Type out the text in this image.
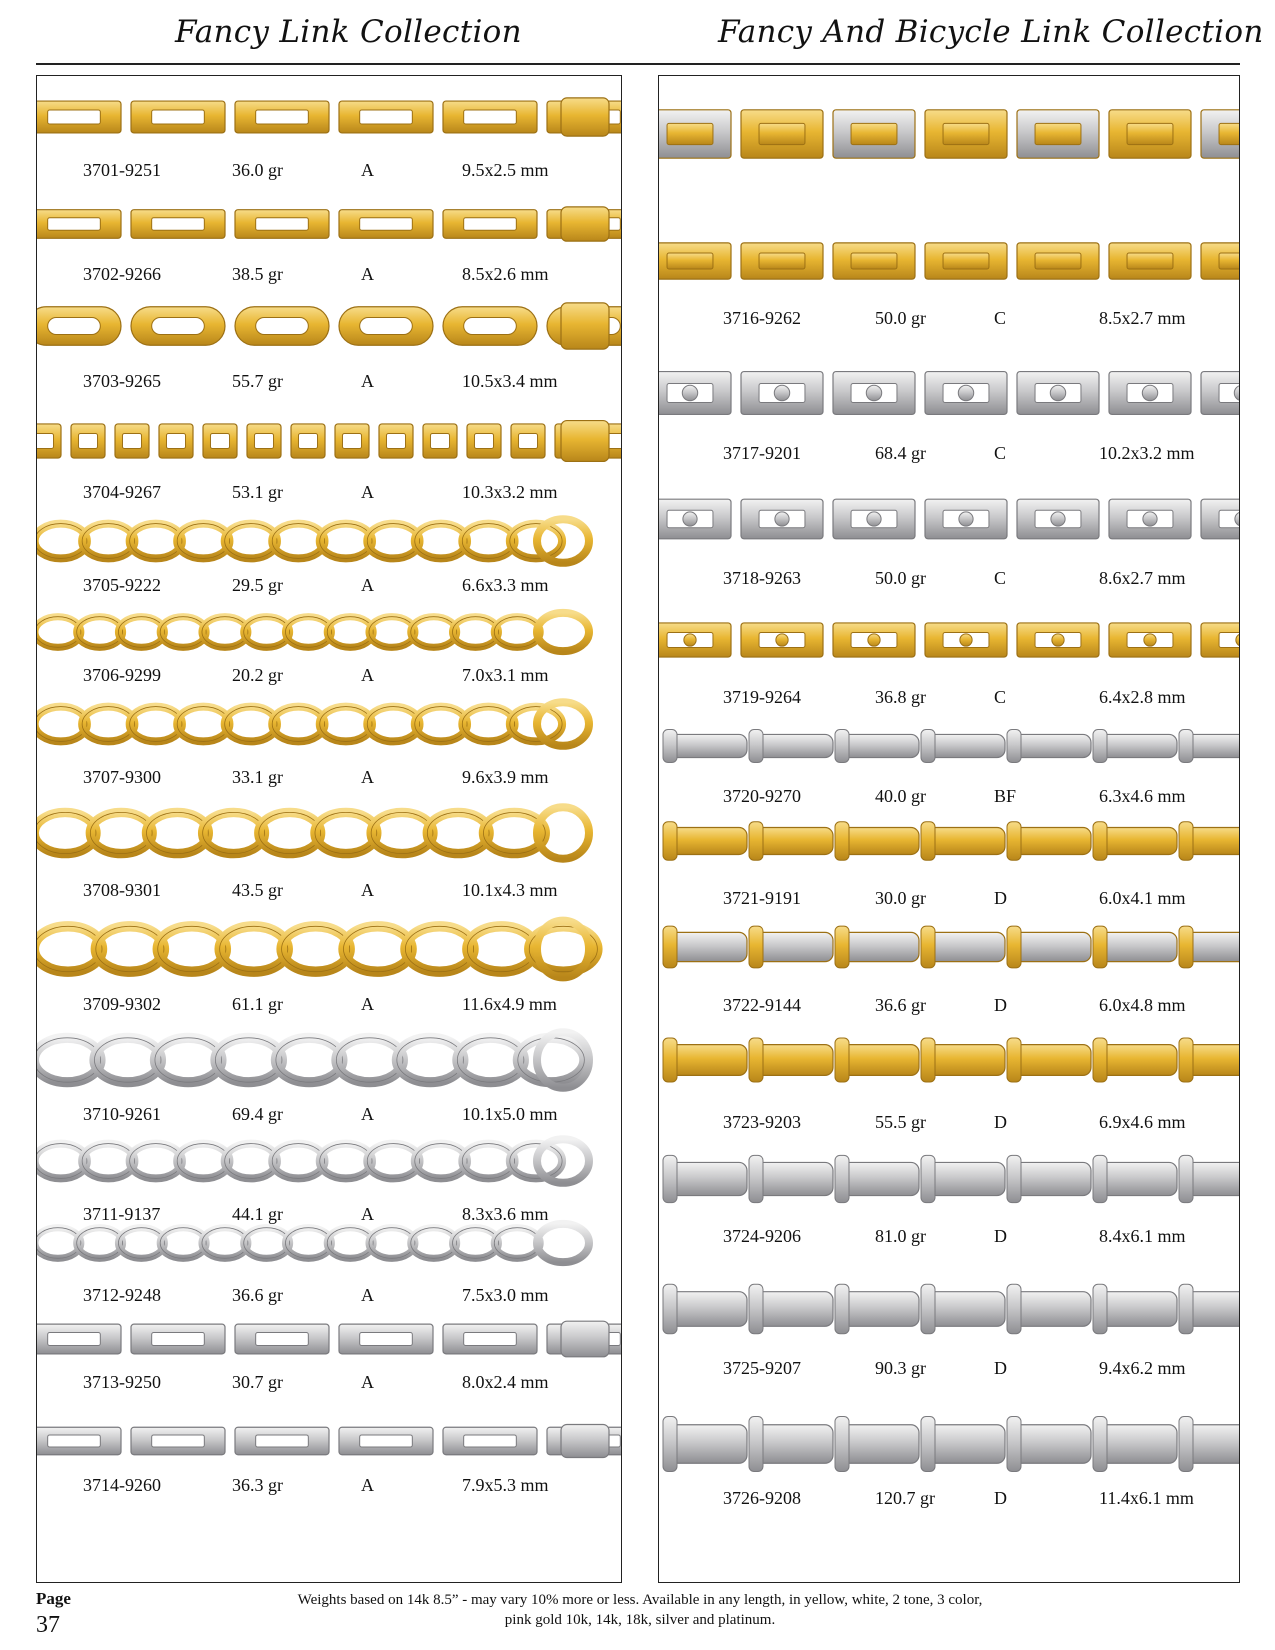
Fancy Link Collection	Fancy And Bicycle Link Collection
3701-9251	36.0 gr	A	9.5x2.5 mm
3702-9266	38.5 gr	A	8.5x2.6 mm
3703-9265	55.7 gr	A	10.5x3.4 mm
3704-9267	53.1 gr	A	10.3x3.2 mm
3705-9222	29.5 gr	A	6.6x3.3 mm
3706-9299	20.2 gr	A	7.0x3.1 mm
3707-9300	33.1 gr	A	9.6x3.9 mm
3708-9301	43.5 gr	A	10.1x4.3 mm
3709-9302	61.1 gr	A	11.6x4.9 mm
3710-9261	69.4 gr	A	10.1x5.0 mm
3711-9137	44.1 gr	A	8.3x3.6 mm
3712-9248	36.6 gr	A	7.5x3.0 mm
3713-9250	30.7 gr	A	8.0x2.4 mm
3714-9260	36.3 gr	A	7.9x5.3 mm
3716-9262	50.0 gr	C	8.5x2.7 mm
3717-9201	68.4 gr	C	10.2x3.2 mm
3718-9263	50.0 gr	C	8.6x2.7 mm
3719-9264	36.8 gr	C	6.4x2.8 mm
3720-9270	40.0 gr	BF	6.3x4.6 mm
3721-9191	30.0 gr	D	6.0x4.1 mm
3722-9144	36.6 gr	D	6.0x4.8 mm
3723-9203	55.5 gr	D	6.9x4.6 mm
3724-9206	81.0 gr	D	8.4x6.1 mm
3725-9207	90.3 gr	D	9.4x6.2 mm
3726-9208	120.7 gr	D	11.4x6.1 mm
Page
37
Weights based on 14k 8.5” - may vary 10% more or less. Available in any length, in yellow, white, 2 tone, 3 color,
pink gold 10k, 14k, 18k, silver and platinum.
